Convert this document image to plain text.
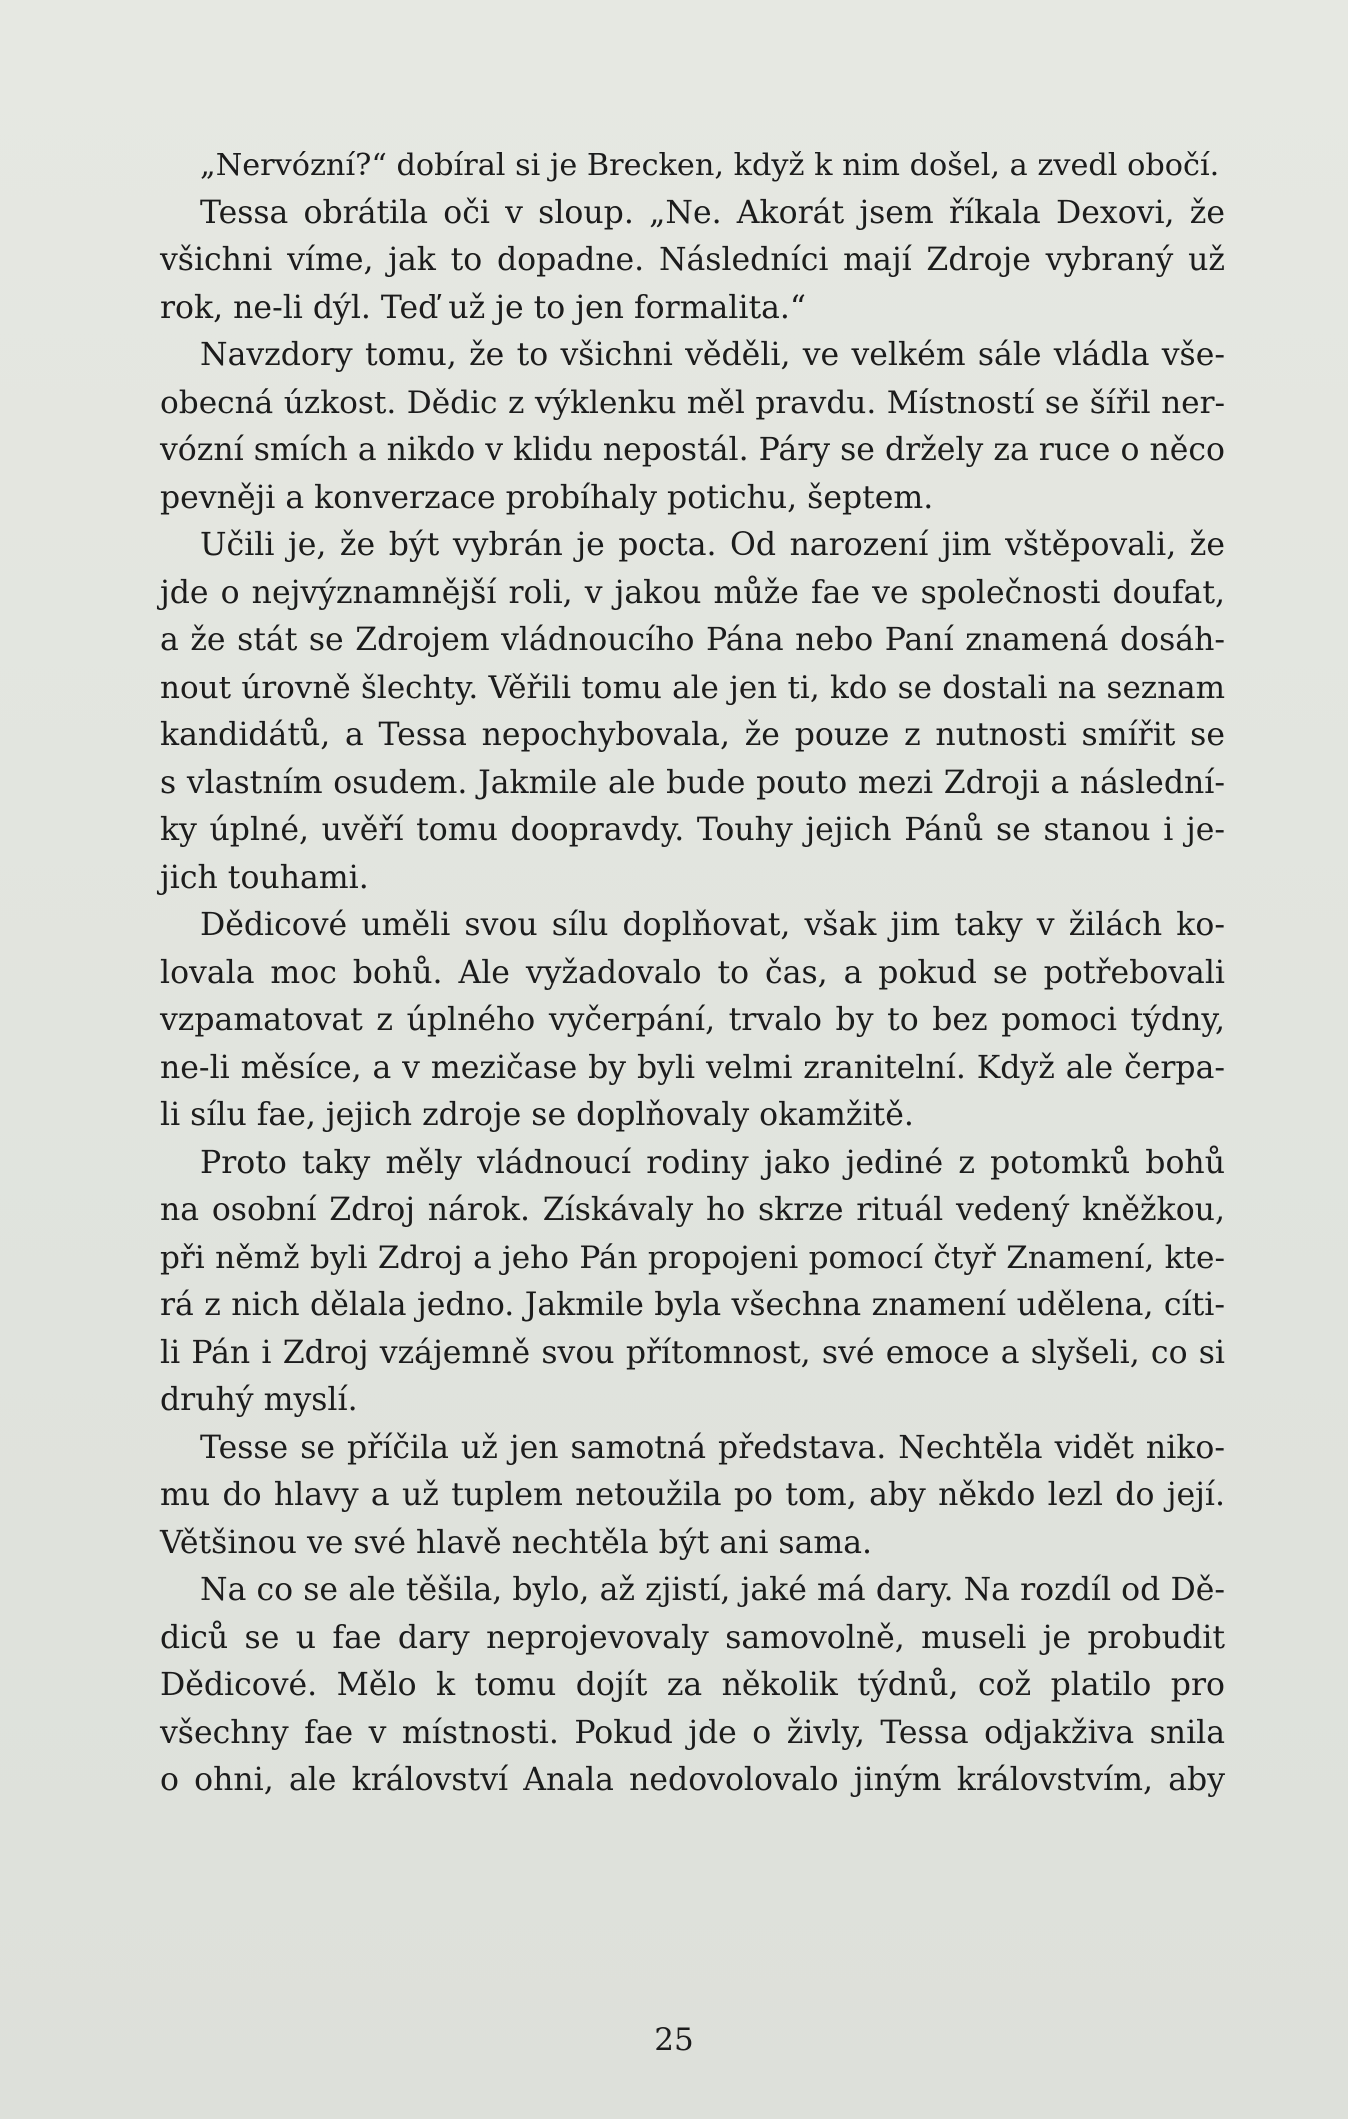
„Nervózní?“ dobíral si je Brecken, když k nim došel, a zvedl obočí.
Tessa obrátila oči v sloup. „Ne. Akorát jsem říkala Dexovi, že
všichni víme, jak to dopadne. Následníci mají Zdroje vybraný už
rok, ne-li dýl. Teď už je to jen formalita.“
Navzdory tomu, že to všichni věděli, ve velkém sále vládla vše-
obecná úzkost. Dědic z výklenku měl pravdu. Místností se šířil ner-
vózní smích a nikdo v klidu nepostál. Páry se držely za ruce o něco
pevněji a konverzace probíhaly potichu, šeptem.
Učili je, že být vybrán je pocta. Od narození jim vštěpovali, že
jde o nejvýznamnější roli, v jakou může fae ve společnosti doufat,
a že stát se Zdrojem vládnoucího Pána nebo Paní znamená dosáh-
nout úrovně šlechty. Věřili tomu ale jen ti, kdo se dostali na seznam
kandidátů, a Tessa nepochybovala, že pouze z nutnosti smířit se
s vlastním osudem. Jakmile ale bude pouto mezi Zdroji a následní-
ky úplné, uvěří tomu doopravdy. Touhy jejich Pánů se stanou i je-
jich touhami.
Dědicové uměli svou sílu doplňovat, však jim taky v žilách ko-
lovala moc bohů. Ale vyžadovalo to čas, a pokud se potřebovali
vzpamatovat z úplného vyčerpání, trvalo by to bez pomoci týdny,
ne-li měsíce, a v mezičase by byli velmi zranitelní. Když ale čerpa-
li sílu fae, jejich zdroje se doplňovaly okamžitě.
Proto taky měly vládnoucí rodiny jako jediné z potomků bohů
na osobní Zdroj nárok. Získávaly ho skrze rituál vedený kněžkou,
při němž byli Zdroj a jeho Pán propojeni pomocí čtyř Znamení, kte-
rá z nich dělala jedno. Jakmile byla všechna znamení udělena, cíti-
li Pán i Zdroj vzájemně svou přítomnost, své emoce a slyšeli, co si
druhý myslí.
Tesse se příčila už jen samotná představa. Nechtěla vidět niko-
mu do hlavy a už tuplem netoužila po tom, aby někdo lezl do její.
Většinou ve své hlavě nechtěla být ani sama.
Na co se ale těšila, bylo, až zjistí, jaké má dary. Na rozdíl od Dě-
diců se u fae dary neprojevovaly samovolně, museli je probudit
Dědicové. Mělo k tomu dojít za několik týdnů, což platilo pro
všechny fae v místnosti. Pokud jde o živly, Tessa odjakživa snila
o ohni, ale království Anala nedovolovalo jiným královstvím, aby
25
